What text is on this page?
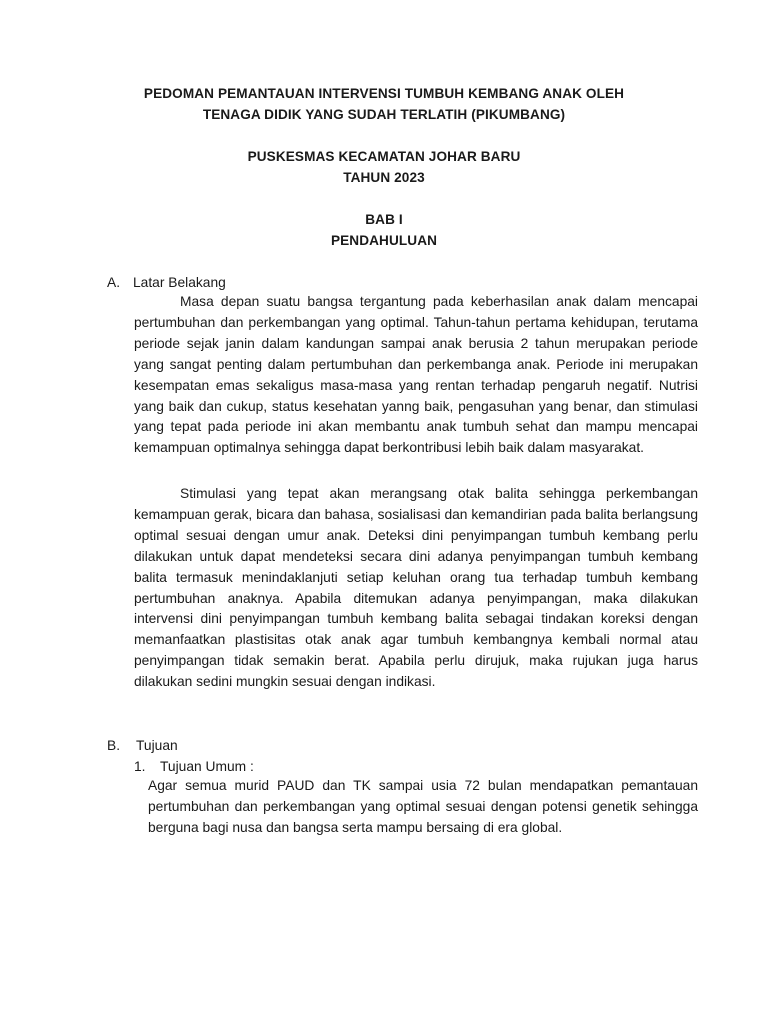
PEDOMAN PEMANTAUAN INTERVENSI TUMBUH KEMBANG ANAK OLEH
TENAGA DIDIK YANG SUDAH TERLATIH (PIKUMBANG)
PUSKESMAS KECAMATAN JOHAR BARU
TAHUN 2023
BAB I
PENDAHULUAN
A. Latar Belakang

Masa depan suatu bangsa tergantung pada keberhasilan anak dalam mencapai pertumbuhan dan perkembangan yang optimal. Tahun-tahun pertama kehidupan, terutama periode sejak janin dalam kandungan sampai anak berusia 2 tahun merupakan periode yang sangat penting dalam pertumbuhan dan perkembanga anak. Periode ini merupakan kesempatan emas sekaligus masa-masa yang rentan terhadap pengaruh negatif. Nutrisi yang baik dan cukup, status kesehatan yanng baik, pengasuhan yang benar, dan stimulasi yang tepat pada periode ini akan membantu anak tumbuh sehat dan mampu mencapai kemampuan optimalnya sehingga dapat berkontribusi lebih baik dalam masyarakat.

Stimulasi yang tepat akan merangsang otak balita sehingga perkembangan kemampuan gerak, bicara dan bahasa, sosialisasi dan kemandirian pada balita berlangsung optimal sesuai dengan umur anak. Deteksi dini penyimpangan tumbuh kembang perlu dilakukan untuk dapat mendeteksi secara dini adanya penyimpangan tumbuh kembang balita termasuk menindaklanjuti setiap keluhan orang tua terhadap tumbuh kembang pertumbuhan anaknya. Apabila ditemukan adanya penyimpangan, maka dilakukan intervensi dini penyimpangan tumbuh kembang balita sebagai tindakan koreksi dengan memanfaatkan plastisitas otak anak agar tumbuh kembangnya kembali normal atau penyimpangan tidak semakin berat. Apabila perlu dirujuk, maka rujukan juga harus dilakukan sedini mungkin sesuai dengan indikasi.

B. Tujuan
1. Tujuan Umum :

Agar semua murid PAUD dan TK sampai usia 72 bulan mendapatkan pemantauan pertumbuhan dan perkembangan yang optimal sesuai dengan potensi genetik sehingga berguna bagi nusa dan bangsa serta mampu bersaing di era global.
